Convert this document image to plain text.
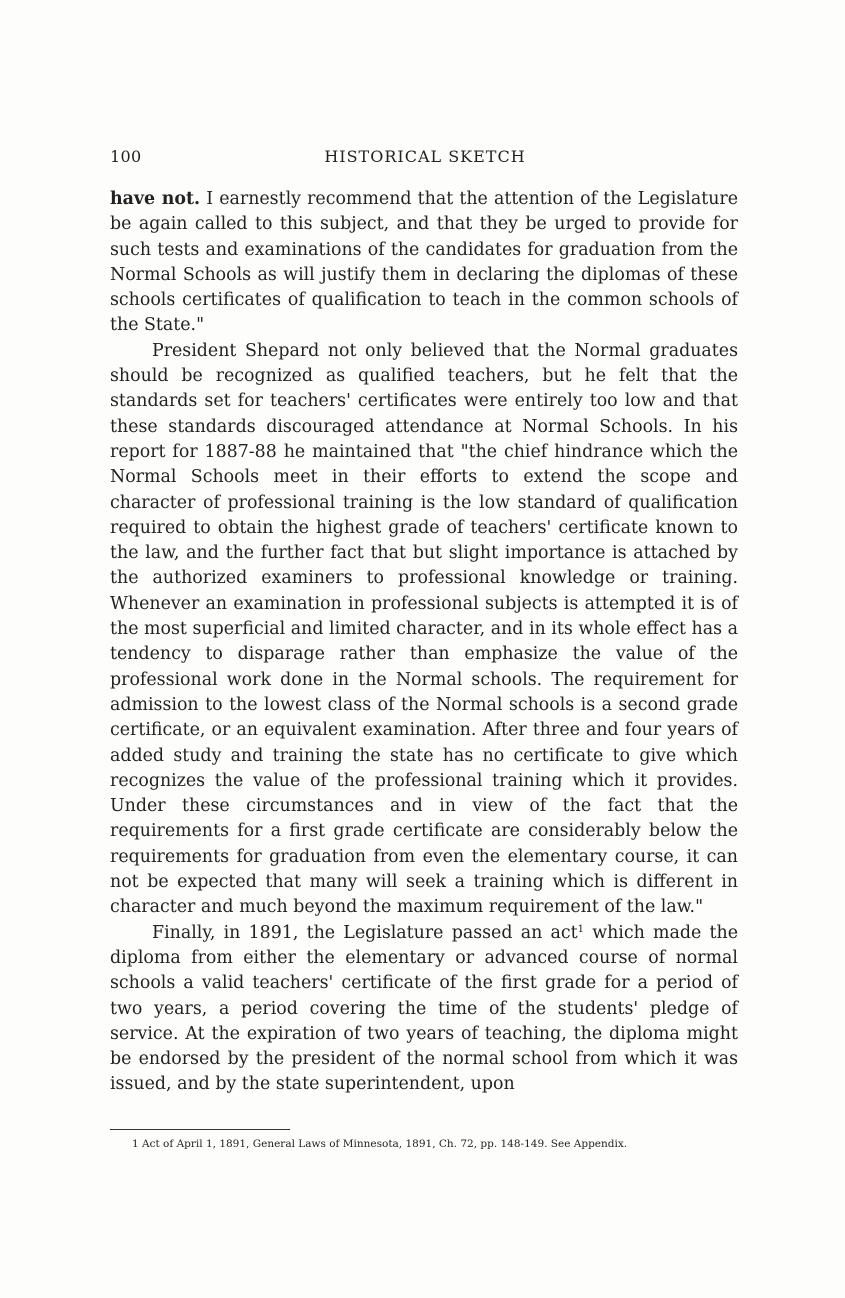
100	HISTORICAL SKETCH

have not. I earnestly recommend that the attention of the Legislature be again called to this subject, and that they be urged to provide for such tests and examinations of the candidates for graduation from the Normal Schools as will justify them in declaring the diplomas of these schools certificates of qualification to teach in the common schools of the State."

President Shepard not only believed that the Normal graduates should be recognized as qualified teachers, but he felt that the standards set for teachers' certificates were entirely too low and that these standards discouraged attendance at Normal Schools. In his report for 1887-88 he maintained that "the chief hindrance which the Normal Schools meet in their efforts to extend the scope and character of professional training is the low standard of qualification required to obtain the highest grade of teachers' certificate known to the law, and the further fact that but slight importance is attached by the authorized examiners to professional knowledge or training. Whenever an examination in professional subjects is attempted it is of the most superficial and limited character, and in its whole effect has a tendency to disparage rather than emphasize the value of the professional work done in the Normal schools. The requirement for admission to the lowest class of the Normal schools is a second grade certificate, or an equivalent examination. After three and four years of added study and training the state has no certificate to give which recognizes the value of the professional training which it provides. Under these circumstances and in view of the fact that the requirements for a first grade certificate are considerably below the requirements for graduation from even the elementary course, it can not be expected that many will seek a training which is different in character and much beyond the maximum requirement of the law."

Finally, in 1891, the Legislature passed an act$^1$ which made the diploma from either the elementary or advanced course of normal schools a valid teachers' certificate of the first grade for a period of two years, a period covering the time of the students' pledge of service. At the expiration of two years of teaching, the diploma might be endorsed by the president of the normal school from which it was issued, and by the state superintendent, upon

1 Act of April 1, 1891, General Laws of Minnesota, 1891, Ch. 72, pp. 148-149. See Appendix.
